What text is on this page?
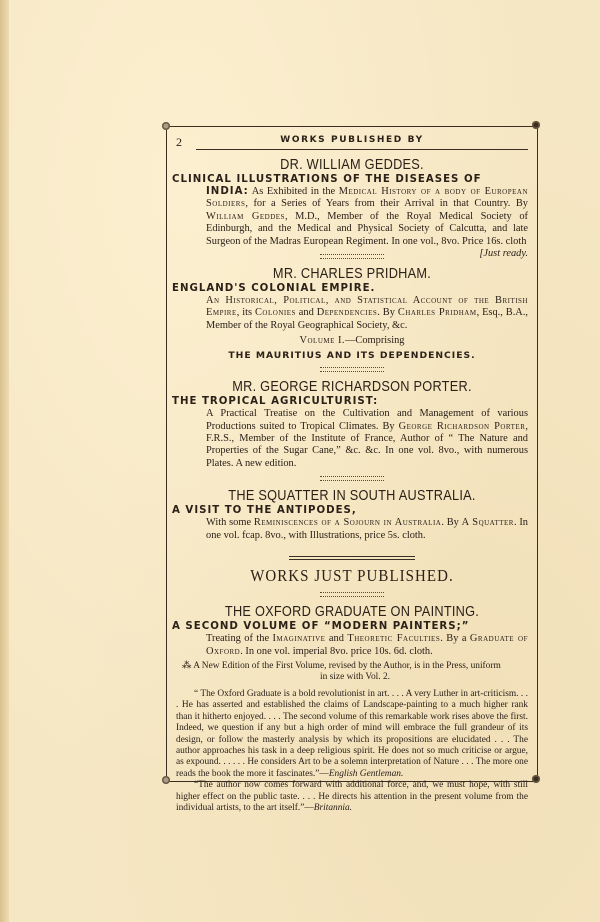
2	WORKS PUBLISHED BY
DR. WILLIAM GEDDES.
CLINICAL ILLUSTRATIONS OF THE DISEASES OF
INDIA: As Exhibited in the Medical History of a body of European Soldiers, for a Series of Years from their Arrival in that Country. By William Geddes, M.D., Member of the Royal Medical Society of Edinburgh, and the Medical and Physical Society of Calcutta, and late Surgeon of the Madras European Regiment. In one vol., 8vo. Price 16s. cloth
[Just ready.
MR. CHARLES PRIDHAM.
ENGLAND'S COLONIAL EMPIRE.
An Historical, Political, and Statistical Account of the British Empire, its Colonies and Dependencies. By Charles Pridham, Esq., B.A., Member of the Royal Geographical Society, &c.
Volume I.—Comprising
THE MAURITIUS AND ITS DEPENDENCIES.
MR. GEORGE RICHARDSON PORTER.
THE TROPICAL AGRICULTURIST:
A Practical Treatise on the Cultivation and Management of various Productions suited to Tropical Climates. By George Richardson Porter, F.R.S., Member of the Institute of France, Author of “ The Nature and Properties of the Sugar Cane,” &c. &c. In one vol. 8vo., with numerous Plates. A new edition.
THE SQUATTER IN SOUTH AUSTRALIA.
A VISIT TO THE ANTIPODES,
With some Reminiscences of a Sojourn in Australia. By A Squatter. In one vol. fcap. 8vo., with Illustrations, price 5s. cloth.
WORKS JUST PUBLISHED.
THE OXFORD GRADUATE ON PAINTING.
A SECOND VOLUME OF “MODERN PAINTERS;”
Treating of the Imaginative and Theoretic Faculties. By a Graduate of Oxford. In one vol. imperial 8vo. price 10s. 6d. cloth.
⁂ A New Edition of the First Volume, revised by the Author, is in the Press, uniform
in size with Vol. 2.

“ The Oxford Graduate is a bold revolutionist in art. . . . A very Luther in art-criticism. . . . He has asserted and established the claims of Landscape-painting to a much higher rank than it hitherto enjoyed. . . . The second volume of this remarkable work rises above the first. Indeed, we question if any but a high order of mind will embrace the full grandeur of its design, or follow the masterly analysis by which its propositions are elucidated . . . The author approaches his task in a deep religious spirit. He does not so much criticise or argue, as expound. . . . . . He considers Art to be a solemn interpretation of Nature . . . The more one reads the book the more it fascinates.”—English Gentleman.

“The author now comes forward with additional force, and, we must hope, with still higher effect on the public taste. . . . He directs his attention in the present volume from the individual artists, to the art itself.”—Britannia.
